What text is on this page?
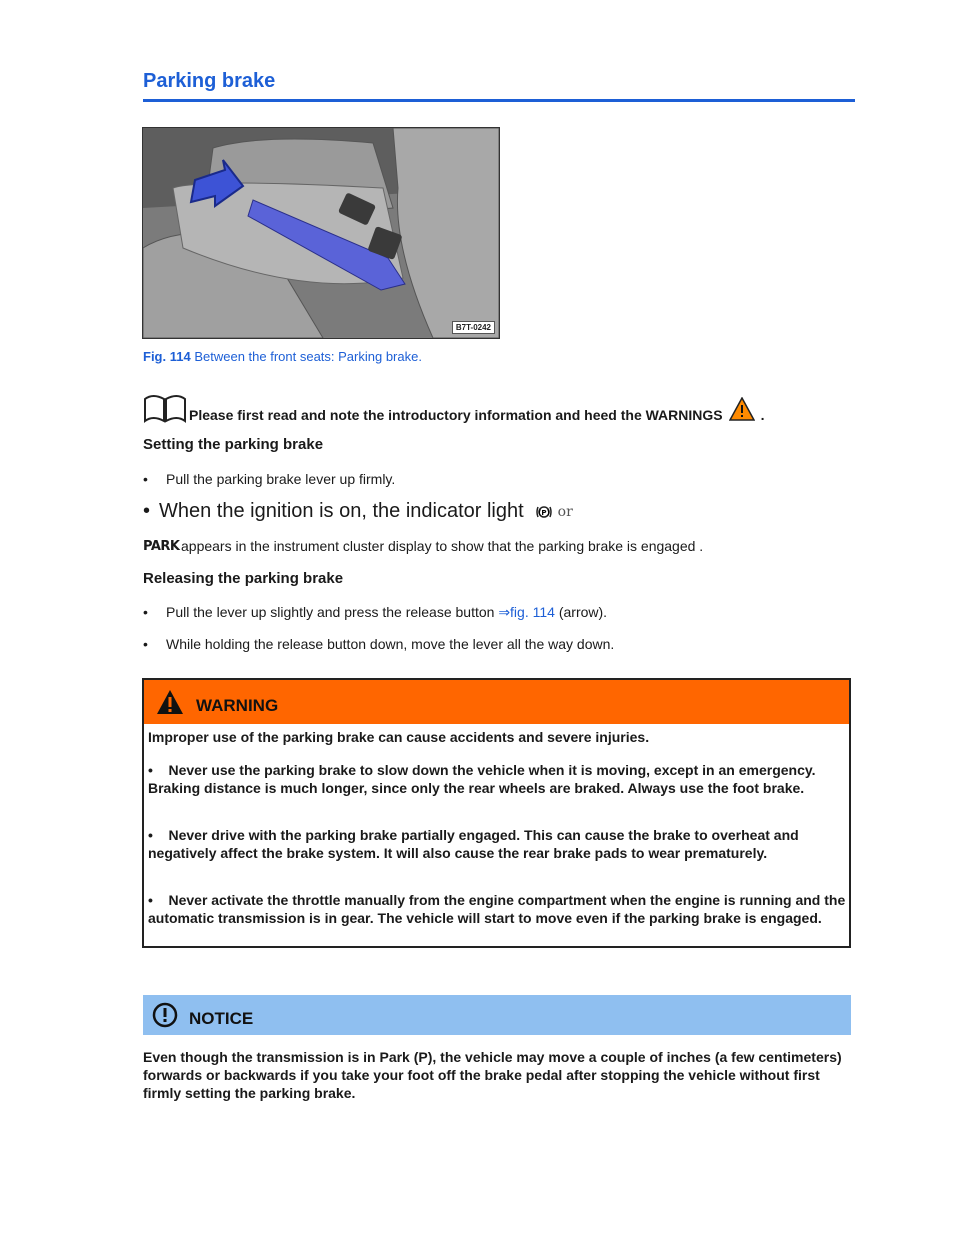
Parking brake
B7T-0242
Fig. 114 Between the front seats: Parking brake.
Please first read and note the introductory information and heed the WARNINGS	.
Setting the parking brake
•	Pull the parking brake lever up firmly.
• When the ignition is on, the indicator light (P) or
PARK appears in the instrument cluster display to show that the parking brake is engaged .
Releasing the parking brake
•	Pull the lever up slightly and press the release button ⇒fig. 114 (arrow).
•	While holding the release button down, move the lever all the way down.
WARNING

Improper use of the parking brake can cause accidents and severe injuries.

• Never use the parking brake to slow down the vehicle when it is moving, except in an emergency. Braking distance is much longer, since only the rear wheels are braked. Always use the foot brake.

• Never drive with the parking brake partially engaged. This can cause the brake to overheat and negatively affect the brake system. It will also cause the rear brake pads to wear prematurely.

• Never activate the throttle manually from the engine compartment when the engine is running and the automatic transmission is in gear. The vehicle will start to move even if the parking brake is engaged.

NOTICE
Even though the transmission is in Park (P), the vehicle may move a couple of inches (a few centimeters) forwards or backwards if you take your foot off the brake pedal after stopping the vehicle without first firmly setting the parking brake.
